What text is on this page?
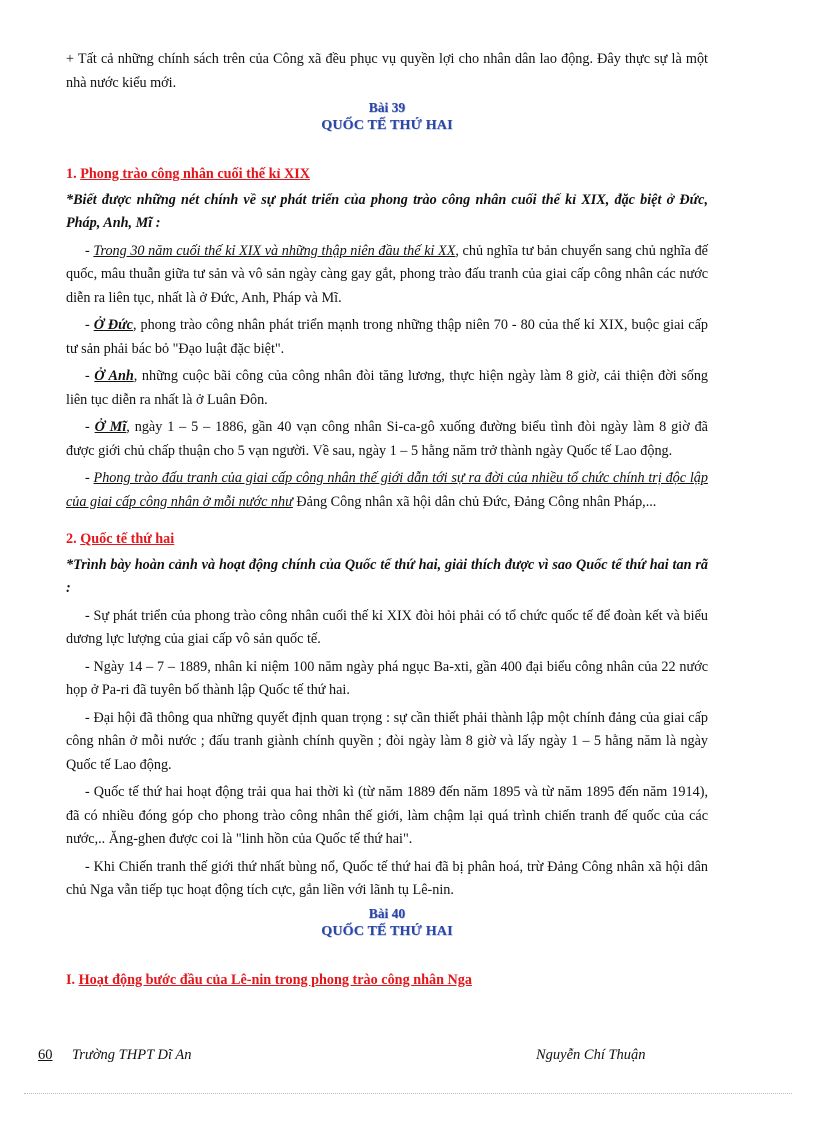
+ Tất cả những chính sách trên của Công xã đều phục vụ quyền lợi cho nhân dân lao động. Đây thực sự là một nhà nước kiểu mới.

Bài 39
QUỐC TẾ THỨ HAI

1. Phong trào công nhân cuối thế kỉ XIX

*Biết được những nét chính về sự phát triển của phong trào công nhân cuối thế kỉ XIX, đặc biệt ở Đức, Pháp, Anh, Mĩ :

- Trong 30 năm cuối thế kỉ XIX và những thập niên đầu thế kỉ XX, chủ nghĩa tư bản chuyển sang chủ nghĩa đế quốc, mâu thuẫn giữa tư sản và vô sản ngày càng gay gắt, phong trào đấu tranh của giai cấp công nhân các nước diễn ra liên tục, nhất là ở Đức, Anh, Pháp và Mĩ.

- Ở Đức, phong trào công nhân phát triển mạnh trong những thập niên 70 - 80 của thế kỉ XIX, buộc giai cấp tư sản phải bác bỏ "Đạo luật đặc biệt".

- Ở Anh, những cuộc bãi công của công nhân đòi tăng lương, thực hiện ngày làm 8 giờ, cải thiện đời sống liên tục diễn ra nhất là ở Luân Đôn.

- Ở Mĩ, ngày 1 – 5 – 1886, gần 40 vạn công nhân Si-ca-gô xuống đường biểu tình đòi ngày làm 8 giờ đã được giới chủ chấp thuận cho 5 vạn người. Về sau, ngày 1 – 5 hằng năm trở thành ngày Quốc tế Lao động.

- Phong trào đấu tranh của giai cấp công nhân thế giới dẫn tới sự ra đời của nhiều tổ chức chính trị độc lập của giai cấp công nhân ở mỗi nước như Đảng Công nhân xã hội dân chủ Đức, Đảng Công nhân Pháp,...

2. Quốc tế thứ hai

*Trình bày hoàn cảnh và hoạt động chính của Quốc tế thứ hai, giải thích được vì sao Quốc tế thứ hai tan rã :

- Sự phát triển của phong trào công nhân cuối thế kỉ XIX đòi hỏi phải có tổ chức quốc tế để đoàn kết và biểu dương lực lượng của giai cấp vô sản quốc tế.

- Ngày 14 – 7 – 1889, nhân kỉ niệm 100 năm ngày phá ngục Ba-xti, gần 400 đại biểu công nhân của 22 nước họp ở Pa-ri đã tuyên bố thành lập Quốc tế thứ hai.

- Đại hội đã thông qua những quyết định quan trọng : sự cần thiết phải thành lập một chính đảng của giai cấp công nhân ở mỗi nước ; đấu tranh giành chính quyền ; đòi ngày làm 8 giờ và lấy ngày 1 – 5 hằng năm là ngày Quốc tế Lao động.

- Quốc tế thứ hai hoạt động trải qua hai thời kì (từ năm 1889 đến năm 1895 và từ năm 1895 đến năm 1914), đã có nhiều đóng góp cho phong trào công nhân thế giới, làm chậm lại quá trình chiến tranh đế quốc của các nước,.. Ăng-ghen được coi là "linh hồn của Quốc tế thứ hai".

- Khi Chiến tranh thế giới thứ nhất bùng nổ, Quốc tế thứ hai đã bị phân hoá, trừ Đảng Công nhân xã hội dân chủ Nga vẫn tiếp tục hoạt động tích cực, gắn liền với lãnh tụ Lê-nin.

Bài 40
QUỐC TẾ THỨ HAI

I. Hoạt động bước đầu của Lê-nin trong phong trào công nhân Nga

60 Trường THPT Dĩ An	Nguyễn Chí Thuận
